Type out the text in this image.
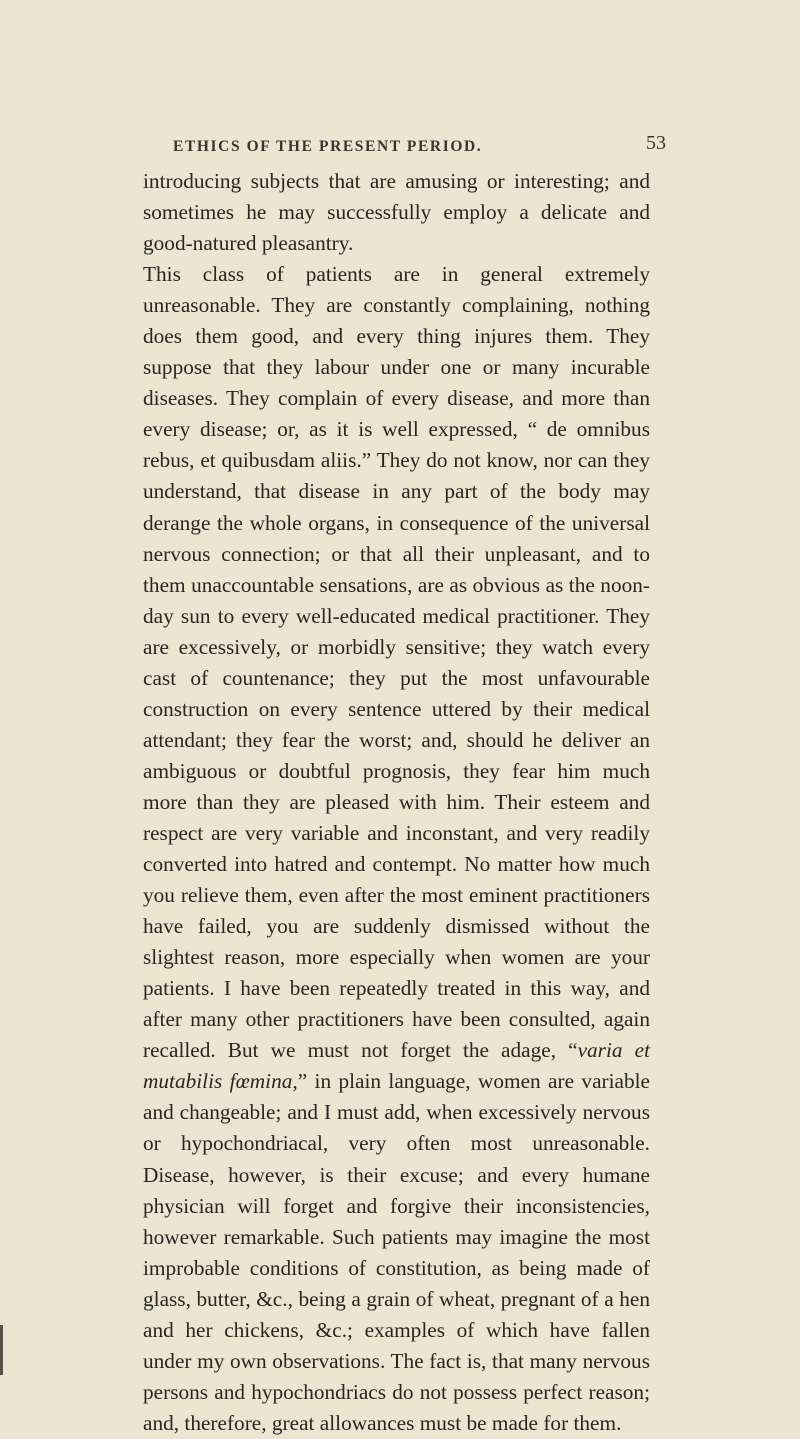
ETHICS OF THE PRESENT PERIOD.	53

introducing subjects that are amusing or interesting; and sometimes he may successfully employ a delicate and good-natured pleasantry.

This class of patients are in general extremely unreasonable. They are constantly complaining, nothing does them good, and every thing injures them. They suppose that they labour under one or many incurable diseases. They complain of every disease, and more than every disease; or, as it is well expressed, “ de omnibus rebus, et quibusdam aliis.” They do not know, nor can they understand, that disease in any part of the body may derange the whole organs, in consequence of the universal nervous connection; or that all their unpleasant, and to them unaccountable sensations, are as obvious as the noon-day sun to every well-educated medical practitioner. They are excessively, or morbidly sensitive; they watch every cast of countenance; they put the most unfavourable construction on every sentence uttered by their medical attendant; they fear the worst; and, should he deliver an ambiguous or doubtful prognosis, they fear him much more than they are pleased with him. Their esteem and respect are very variable and inconstant, and very readily converted into hatred and contempt. No matter how much you relieve them, even after the most eminent practitioners have failed, you are suddenly dismissed without the slightest reason, more especially when women are your patients. I have been repeatedly treated in this way, and after many other practitioners have been consulted, again recalled. But we must not forget the adage, “varia et mutabilis fœmina,” in plain language, women are variable and changeable; and I must add, when excessively nervous or hypochondriacal, very often most unreasonable. Disease, however, is their excuse; and every humane physician will forget and forgive their inconsistencies, however remarkable. Such patients may imagine the most improbable conditions of constitution, as being made of glass, butter, &c., being a grain of wheat, pregnant of a hen and her chickens, &c.; examples of which have fallen under my own observations. The fact is, that many nervous persons and hypochondriacs do not possess perfect reason; and, therefore, great allowances must be made for them.
